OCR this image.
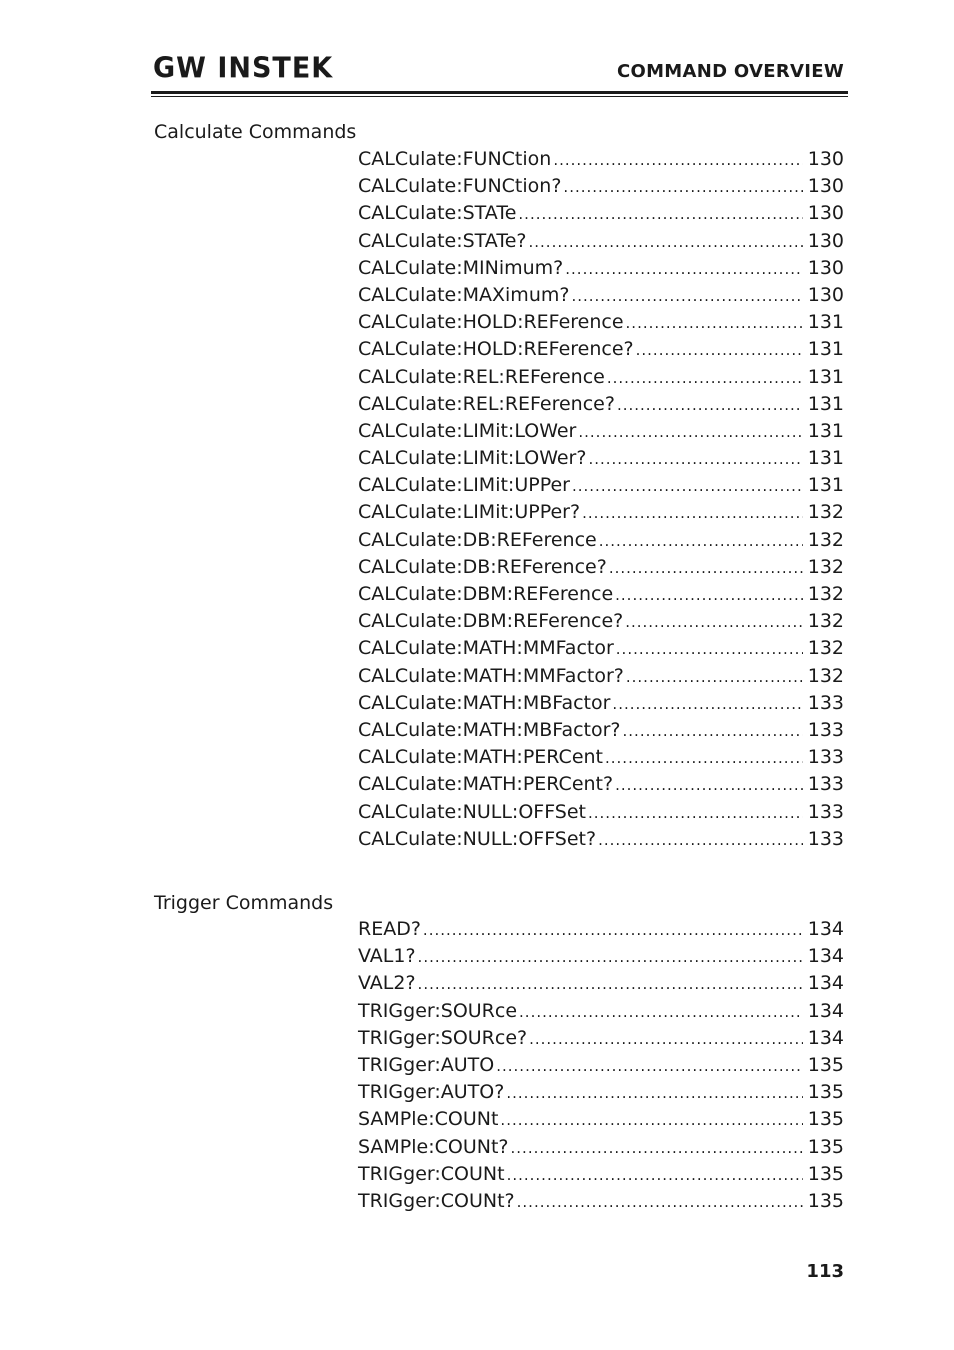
GW INSTEK	COMMAND OVERVIEW
Calculate Commands
CALCulate:FUNCtion .....	130
CALCulate:FUNCtion? .....	130
CALCulate:STATe .....	130
CALCulate:STATe? .....	130
CALCulate:MINimum? .....	130
CALCulate:MAXimum? .....	130
CALCulate:HOLD:REFerence .....	131
CALCulate:HOLD:REFerence? .....	131
CALCulate:REL:REFerence .....	131
CALCulate:REL:REFerence? .....	131
CALCulate:LIMit:LOWer .....	131
CALCulate:LIMit:LOWer? .....	131
CALCulate:LIMit:UPPer .....	131
CALCulate:LIMit:UPPer? .....	132
CALCulate:DB:REFerence .....	132
CALCulate:DB:REFerence? .....	132
CALCulate:DBM:REFerence .....	132
CALCulate:DBM:REFerence? .....	132
CALCulate:MATH:MMFactor .....	132
CALCulate:MATH:MMFactor? .....	132
CALCulate:MATH:MBFactor .....	133
CALCulate:MATH:MBFactor? .....	133
CALCulate:MATH:PERCent .....	133
CALCulate:MATH:PERCent? .....	133
CALCulate:NULL:OFFSet .....	133
CALCulate:NULL:OFFSet? .....	133
Trigger Commands
READ? .....	134
VAL1? .....	134
VAL2? .....	134
TRIGger:SOURce .....	134
TRIGger:SOURce? .....	134
TRIGger:AUTO .....	135
TRIGger:AUTO? .....	135
SAMPle:COUNt .....	135
SAMPle:COUNt? .....	135
TRIGger:COUNt .....	135
TRIGger:COUNt? .....	135
113
